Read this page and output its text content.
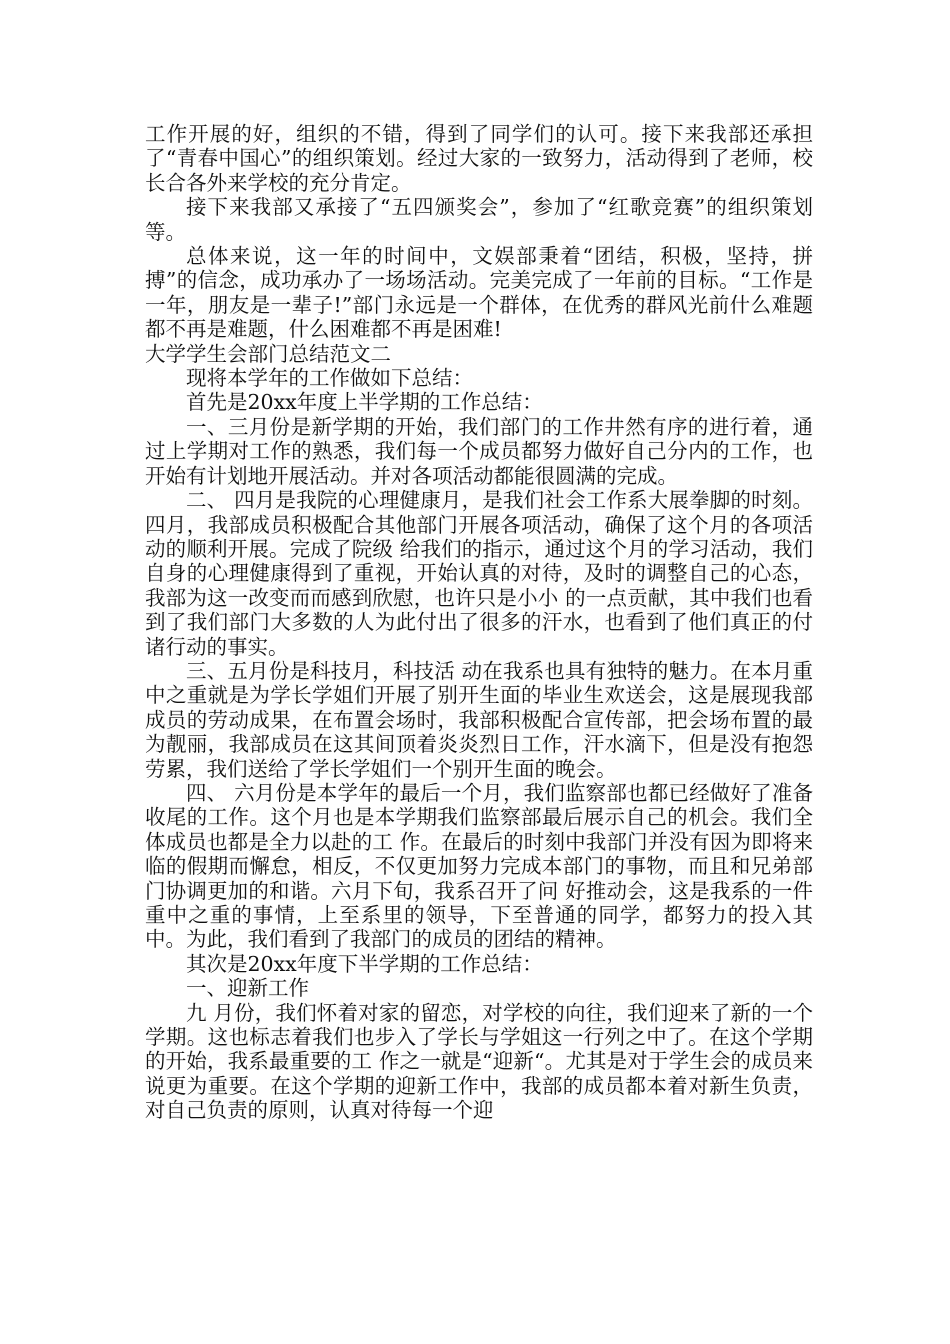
工作开展的好，组织的不错，得到了同学们的认可。接下来我部还承担了“青春中国心”的组织策划。经过大家的一致努力，活动得到了老师，校长合各外来学校的充分肯定。

接下来我部又承接了“五四颁奖会”，参加了“红歌竞赛”的组织策划等。

总体来说，这一年的时间中，文娱部秉着“团结，积极，坚持，拼搏”的信念，成功承办了一场场活动。完美完成了一年前的目标。“工作是一年，朋友是一辈子!”部门永远是一个群体，在优秀的群风光前什么难题都不再是难题，什么困难都不再是困难!

大学学生会部门总结范文二

现将本学年的工作做如下总结：

首先是20xx年度上半学期的工作总结：

一、三月份是新学期的开始，我们部门的工作井然有序的进行着，通过上学期对工作的熟悉，我们每一个成员都努力做好自己分内的工作，也开始有计划地开展活动。并对各项活动都能很圆满的完成。

二、 四月是我院的心理健康月，是我们社会工作系大展拳脚的时刻。四月，我部成员积极配合其他部门开展各项活动，确保了这个月的各项活动的顺利开展。完成了院级 给我们的指示，通过这个月的学习活动，我们自身的心理健康得到了重视，开始认真的对待，及时的调整自己的心态，我部为这一改变而而感到欣慰，也许只是小小 的一点贡献，其中我们也看到了我们部门大多数的人为此付出了很多的汗水，也看到了他们真正的付诸行动的事实。

三、五月份是科技月，科技活 动在我系也具有独特的魅力。在本月重中之重就是为学长学姐们开展了别开生面的毕业生欢送会，这是展现我部成员的劳动成果，在布置会场时，我部积极配合宣传部，把会场布置的最为靓丽，我部成员在这其间顶着炎炎烈日工作，汗水滴下，但是没有抱怨劳累，我们送给了学长学姐们一个别开生面的晚会。

四、 六月份是本学年的最后一个月，我们监察部也都已经做好了准备收尾的工作。这个月也是本学期我们监察部最后展示自己的机会。我们全体成员也都是全力以赴的工 作。在最后的时刻中我部门并没有因为即将来临的假期而懈怠，相反，不仅更加努力完成本部门的事物，而且和兄弟部门协调更加的和谐。六月下旬，我系召开了问 好推动会，这是我系的一件重中之重的事情，上至系里的领导，下至普通的同学，都努力的投入其中。为此，我们看到了我部门的成员的团结的精神。

其次是20xx年度下半学期的工作总结：

一、迎新工作

九 月份，我们怀着对家的留恋，对学校的向往，我们迎来了新的一个学期。这也标志着我们也步入了学长与学姐这一行列之中了。在这个学期的开始，我系最重要的工 作之一就是“迎新“。尤其是对于学生会的成员来说更为重要。在这个学期的迎新工作中，我部的成员都本着对新生负责，对自己负责的原则，认真对待每一个迎
